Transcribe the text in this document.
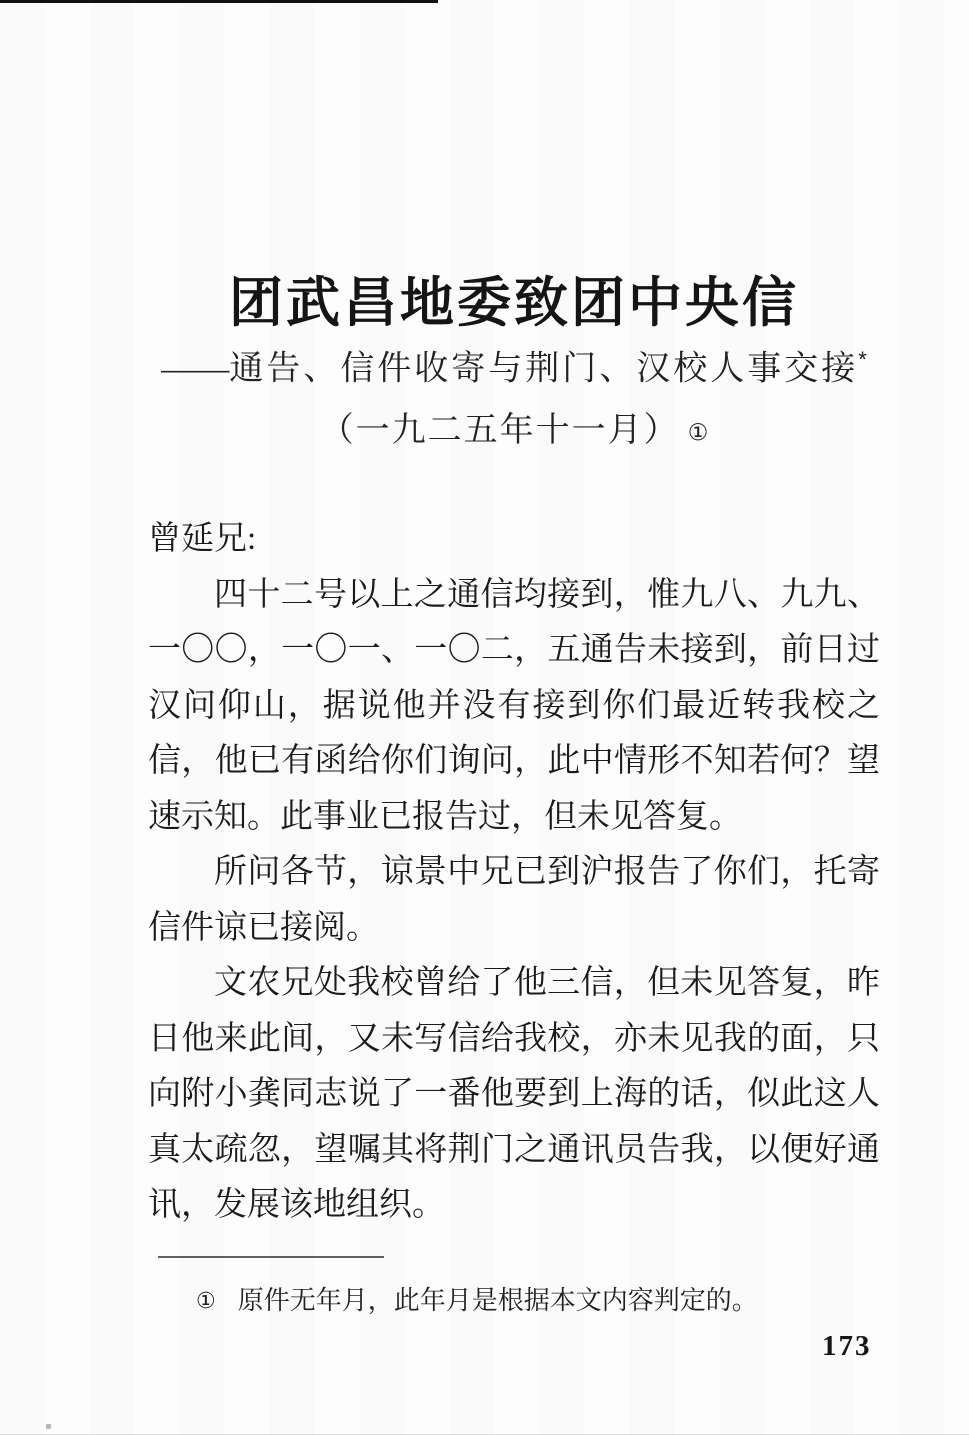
团武昌地委致团中央信
——通告、信件收寄与荆门、汉校人事交接*
（一九二五年十一月） ①
曾延兄:
四十二号以上之通信均接到，惟九八、九九、
一〇〇，一〇一、一〇二，五通告未接到，前日过
汉问仰山，据说他并没有接到你们最近转我校之
信，他已有函给你们询问，此中情形不知若何？望
速示知。此事业已报告过，但未见答复。
所问各节，谅景中兄已到沪报告了你们，托寄
信件谅已接阅。
文农兄处我校曾给了他三信，但未见答复，昨
日他来此间，又未写信给我校，亦未见我的面，只
向附小龚同志说了一番他要到上海的话，似此这人
真太疏忽，望嘱其将荆门之通讯员告我，以便好通
讯，发展该地组织。
① 原件无年月，此年月是根据本文内容判定的。
173
